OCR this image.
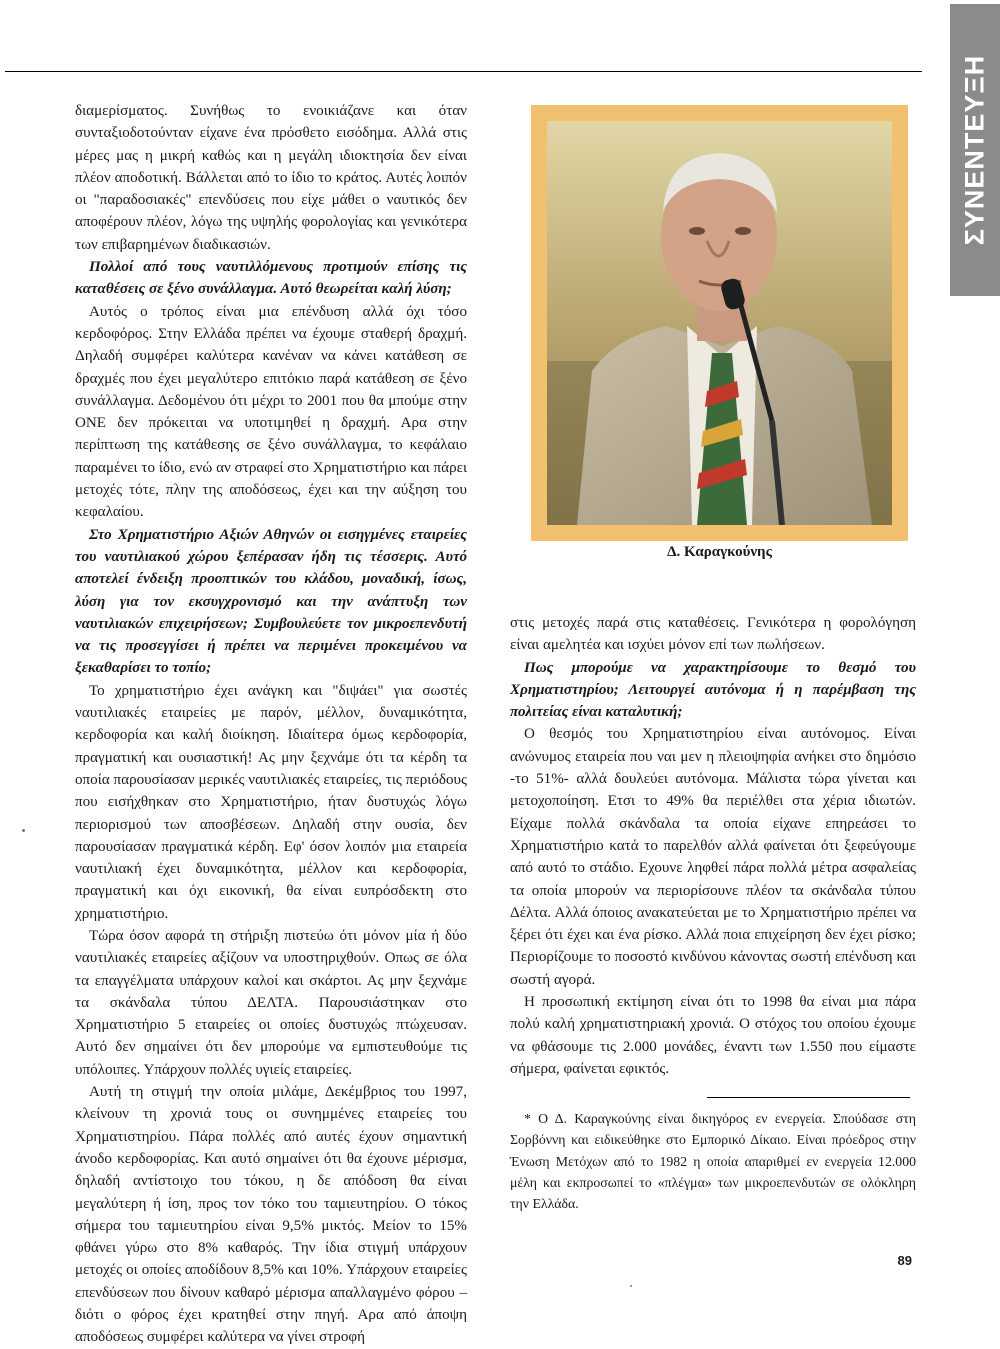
ΣΥΝΕΝΤΕΥΞΗ

διαμερίσματος. Συνήθως το ενοικιάζανε και όταν συνταξιοδοτούνταν είχανε ένα πρόσθετο εισόδημα. Αλλά στις μέρες μας η μικρή καθώς και η μεγάλη ιδιοκτησία δεν είναι πλέον αποδοτική. Βάλλεται από το ίδιο το κράτος. Αυτές λοιπόν οι "παραδοσιακές" επενδύσεις που είχε μάθει ο ναυτικός δεν αποφέρουν πλέον, λόγω της υψηλής φορολογίας και γενικότερα των επιβαρημένων διαδικασιών.

Πολλοί από τους ναυτιλλόμενους προτιμούν επίσης τις καταθέσεις σε ξένο συνάλλαγμα. Αυτό θεωρείται καλή λύση;

Αυτός ο τρόπος είναι μια επένδυση αλλά όχι τόσο κερδοφόρος. Στην Ελλάδα πρέπει να έχουμε σταθερή δραχμή. Δηλαδή συμφέρει καλύτερα κανέναν να κάνει κατάθεση σε δραχμές που έχει μεγαλύτερο επιτόκιο παρά κατάθεση σε ξένο συνάλλαγμα. Δεδομένου ότι μέχρι το 2001 που θα μπούμε στην ΟΝΕ δεν πρόκειται να υποτιμηθεί η δραχμή. Αρα στην περίπτωση της κατάθεσης σε ξένο συνάλλαγμα, το κεφάλαιο παραμένει το ίδιο, ενώ αν στραφεί στο Χρηματιστήριο και πάρει μετοχές τότε, πλην της αποδόσεως, έχει και την αύξηση του κεφαλαίου.

Στο Χρηματιστήριο Αξιών Αθηνών οι εισηγμένες εταιρείες του ναυτιλιακού χώρου ξεπέρασαν ήδη τις τέσσερις. Αυτό αποτελεί ένδειξη προοπτικών του κλάδου, μοναδική, ίσως, λύση για τον εκσυγχρονισμό και την ανάπτυξη των ναυτιλιακών επιχειρήσεων; Συμβουλεύετε τον μικροεπενδυτή να τις προσεγγίσει ή πρέπει να περιμένει προκειμένου να ξεκαθαρίσει το τοπίο;

Το χρηματιστήριο έχει ανάγκη και "διψάει" για σωστές ναυτιλιακές εταιρείες με παρόν, μέλλον, δυναμικότητα, κερδοφορία και καλή διοίκηση. Ιδιαίτερα όμως κερδοφορία, πραγματική και ουσιαστική! Ας μην ξεχνάμε ότι τα κέρδη τα οποία παρουσίασαν μερικές ναυτιλιακές εταιρείες, τις περιόδους που εισήχθηκαν στο Χρηματιστήριο, ήταν δυστυχώς λόγω περιορισμού των αποσβέσεων. Δηλαδή στην ουσία, δεν παρουσίασαν πραγματικά κέρδη. Εφ' όσον λοιπόν μια εταιρεία ναυτιλιακή έχει δυναμικότητα, μέλλον και κερδοφορία, πραγματική και όχι εικονική, θα είναι ευπρόσδεκτη στο χρηματιστήριο.

Τώρα όσον αφορά τη στήριξη πιστεύω ότι μόνον μία ή δύο ναυτιλιακές εταιρείες αξίζουν να υποστηριχθούν. Οπως σε όλα τα επαγγέλματα υπάρχουν καλοί και σκάρτοι. Ας μην ξεχνάμε τα σκάνδαλα τύπου ΔΕΛΤΑ. Παρουσιάστηκαν στο Χρηματιστήριο 5 εταιρείες οι οποίες δυστυχώς πτώχευσαν. Αυτό δεν σημαίνει ότι δεν μπορούμε να εμπιστευθούμε τις υπόλοιπες. Υπάρχουν πολλές υγιείς εταιρείες.

Αυτή τη στιγμή την οποία μιλάμε, Δεκέμβριος του 1997, κλείνουν τη χρονιά τους οι συνημμένες εταιρείες του Χρηματιστηρίου. Πάρα πολλές από αυτές έχουν σημαντική άνοδο κερδοφορίας. Και αυτό σημαίνει ότι θα έχουνε μέρισμα, δηλαδή αντίστοιχο του τόκου, η δε απόδοση θα είναι μεγαλύτερη ή ίση, προς τον τόκο του ταμιευτηρίου. Ο τόκος σήμερα του ταμιευτηρίου είναι 9,5% μικτός. Μείον το 15% φθάνει γύρω στο 8% καθαρός. Την ίδια στιγμή υπάρχουν μετοχές οι οποίες αποδίδουν 8,5% και 10%. Υπάρχουν εταιρείες επενδύσεων που δίνουν καθαρό μέρισμα απαλλαγμένο φόρου – διότι ο φόρος έχει κρατηθεί στην πηγή. Αρα από άποψη αποδόσεως συμφέρει καλύτερα να γίνει στροφή

Δ. Καραγκούνης

στις μετοχές παρά στις καταθέσεις. Γενικότερα η φορολόγηση είναι αμελητέα και ισχύει μόνον επί των πωλήσεων.

Πως μπορούμε να χαρακτηρίσουμε το θεσμό του Χρηματιστηρίου; Λειτουργεί αυτόνομα ή η παρέμβαση της πολιτείας είναι καταλυτική;

Ο θεσμός του Χρηματιστηρίου είναι αυτόνομος. Είναι ανώνυμος εταιρεία που ναι μεν η πλειοψηφία ανήκει στο δημόσιο -το 51%- αλλά δουλεύει αυτόνομα. Μάλιστα τώρα γίνεται και μετοχοποίηση. Ετσι το 49% θα περιέλθει στα χέρια ιδιωτών. Είχαμε πολλά σκάνδαλα τα οποία είχανε επηρεάσει το Χρηματιστήριο κατά το παρελθόν αλλά φαίνεται ότι ξεφεύγουμε από αυτό το στάδιο. Εχουνε ληφθεί πάρα πολλά μέτρα ασφαλείας τα οποία μπορούν να περιορίσουνε πλέον τα σκάνδαλα τύπου Δέλτα. Αλλά όποιος ανακατεύεται με το Χρηματιστήριο πρέπει να ξέρει ότι έχει και ένα ρίσκο. Αλλά ποια επιχείρηση δεν έχει ρίσκο; Περιορίζουμε το ποσοστό κινδύνου κάνοντας σωστή επένδυση και σωστή αγορά.

Η προσωπική εκτίμηση είναι ότι το 1998 θα είναι μια πάρα πολύ καλή χρηματιστηριακή χρονιά. Ο στόχος του οποίου έχουμε να φθάσουμε τις 2.000 μονάδες, έναντι των 1.550 που είμαστε σήμερα, φαίνεται εφικτός.

* Ο Δ. Καραγκούνης είναι δικηγόρος εν ενεργεία. Σπούδασε στη Σορβόννη και ειδικεύθηκε στο Εμπορικό Δίκαιο. Είναι πρόεδρος στην Ένωση Μετόχων από το 1982 η οποία απαριθμεί εν ενεργεία 12.000 μέλη και εκπροσωπεί το «πλέγμα» των μικροεπενδυτών σε ολόκληρη την Ελλάδα.

89
